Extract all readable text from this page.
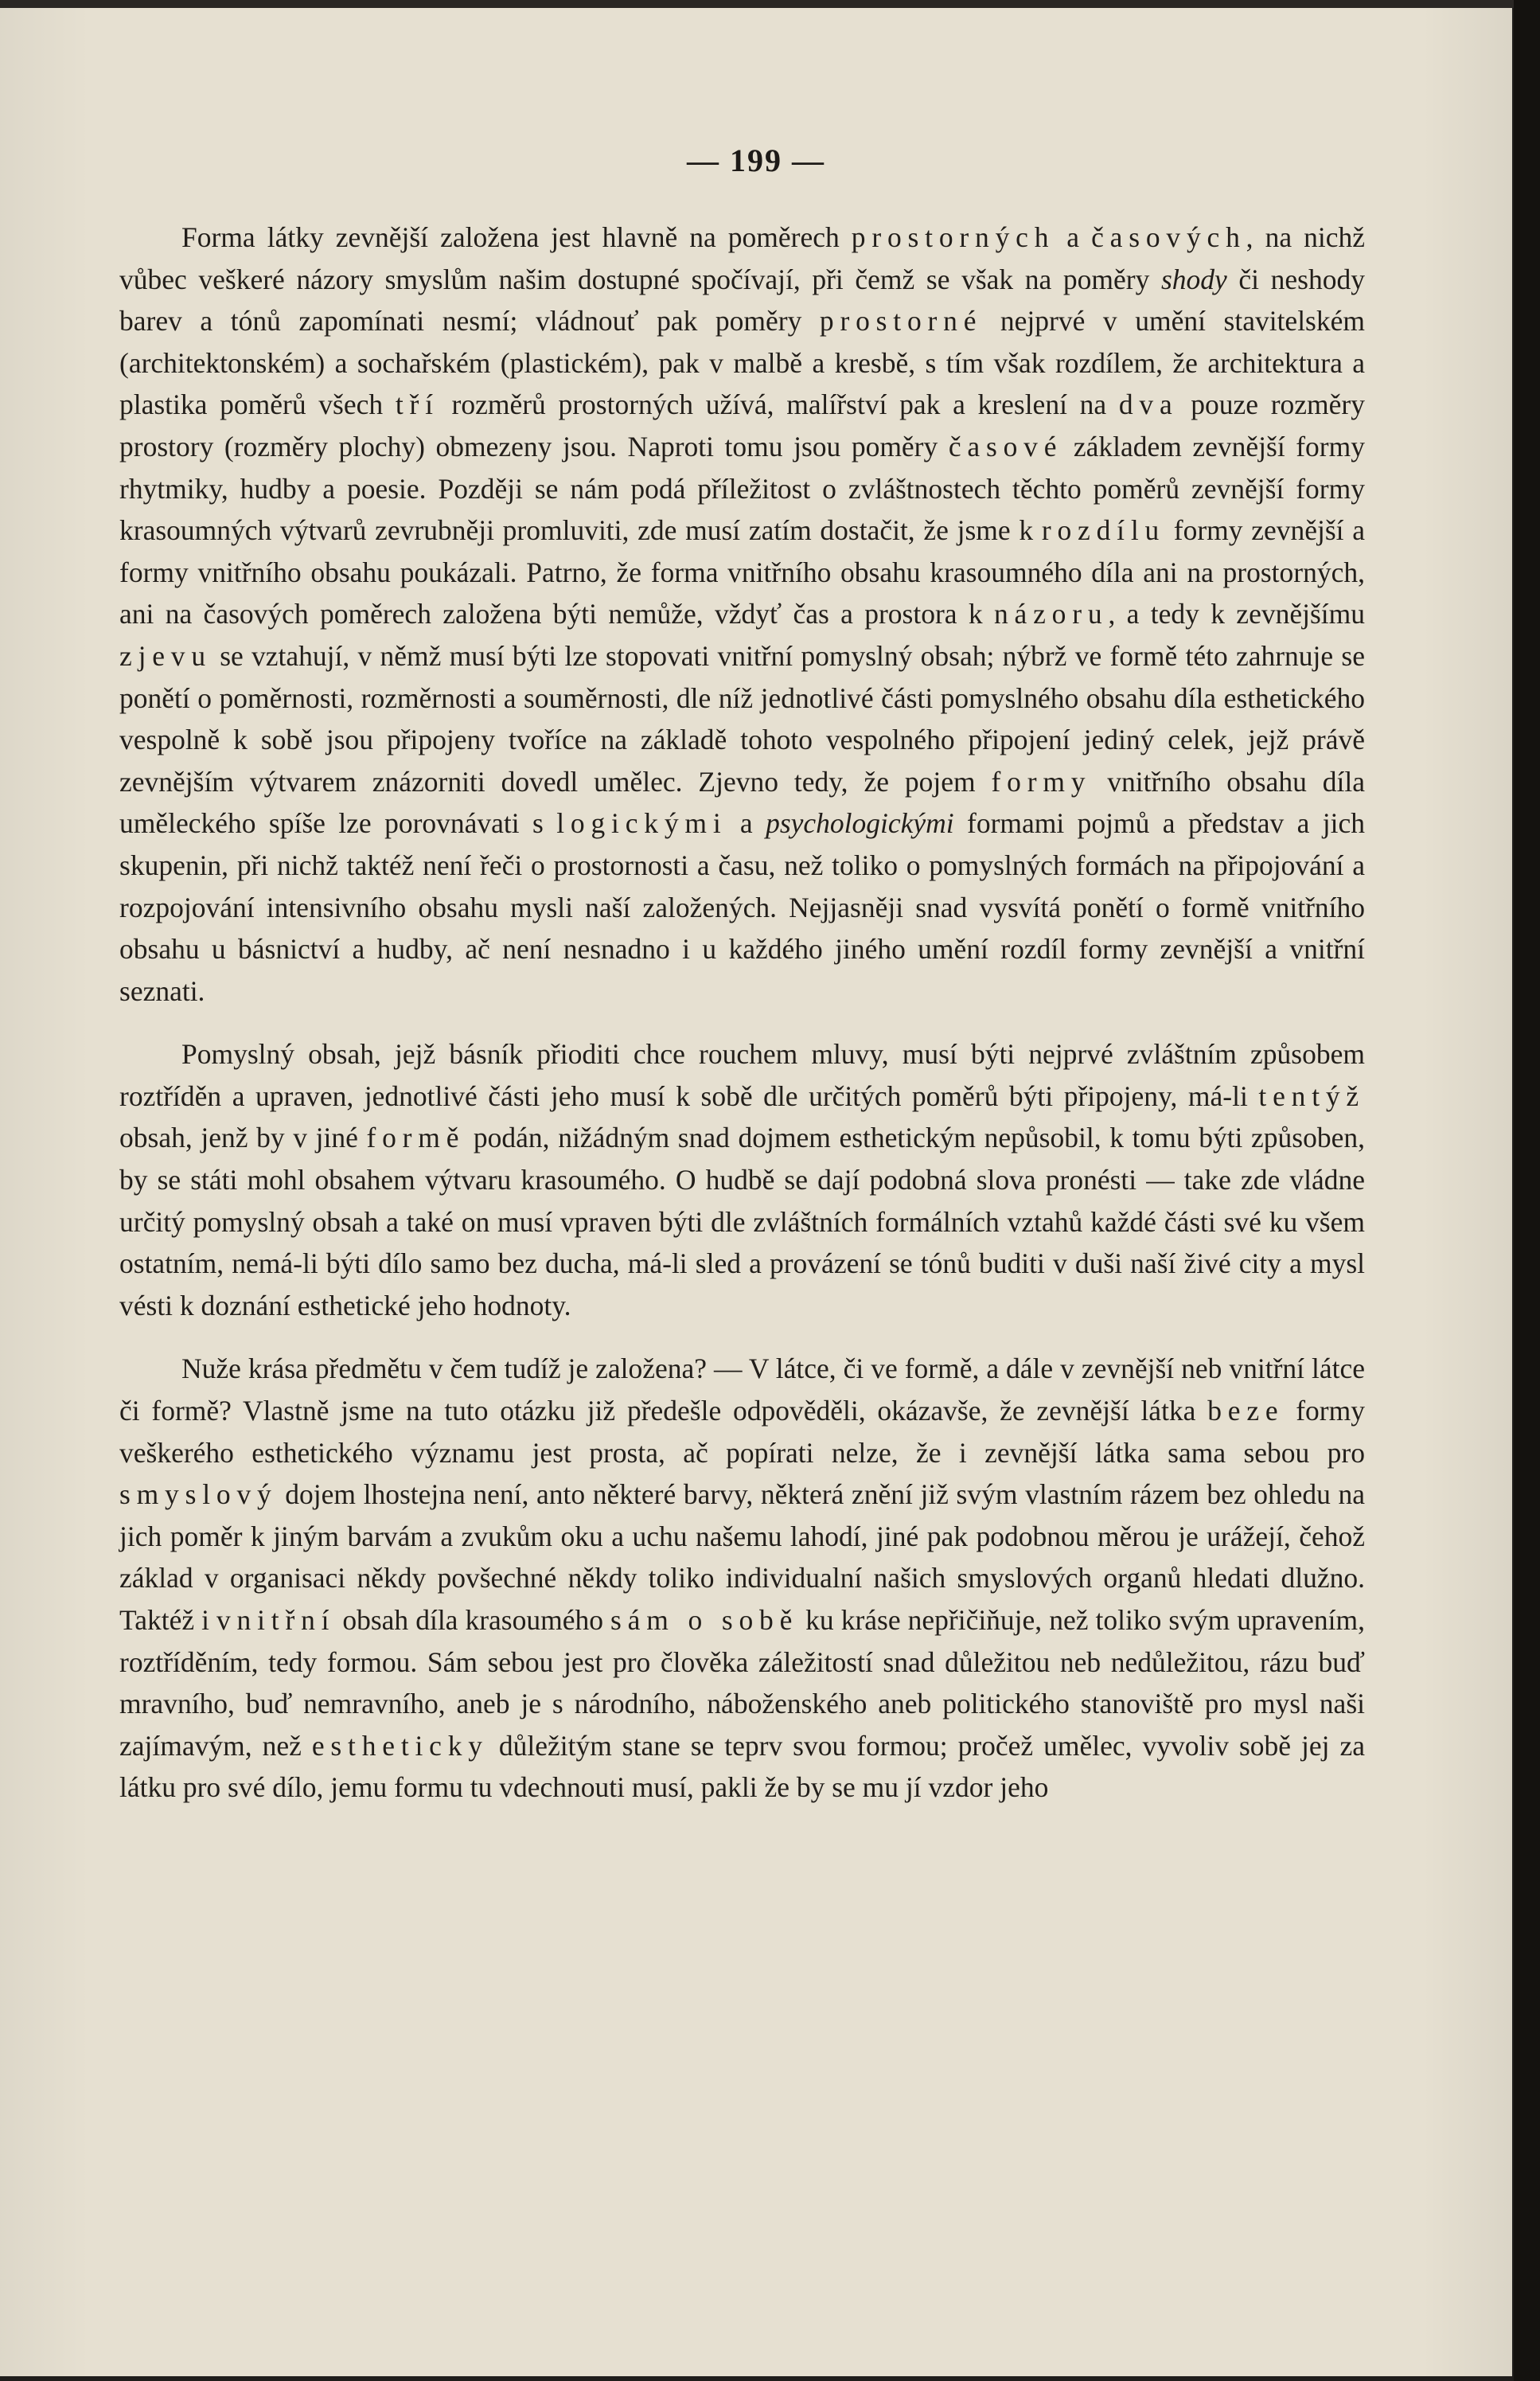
— 199 —

Forma látky zevnější založena jest hlavně na poměrech prostorných a časových, na nichž vůbec veškeré názory smyslům našim dostupné spočívají, při čemž se však na poměry shody či neshody barev a tónů zapomínati nesmí; vládnouť pak poměry prostorné nejprvé v umění stavitelském (architektonském) a sochařském (plastickém), pak v malbě a kresbě, s tím však rozdílem, že architektura a plastika poměrů všech tří rozměrů prostorných užívá, malířství pak a kreslení na dva pouze rozměry prostory (rozměry plochy) obmezeny jsou. Naproti tomu jsou poměry časové základem zevnější formy rhytmiky, hudby a poesie. Později se nám podá příležitost o zvláštnostech těchto poměrů zevnější formy krasoumných výtvarů zevrubněji promluviti, zde musí zatím dostačit, že jsme k rozdílu formy zevnější a formy vnitřního obsahu poukázali. Patrno, že forma vnitřního obsahu krasoumného díla ani na prostorných, ani na časových poměrech založena býti nemůže, vždyť čas a prostora k názoru, a tedy k zevnějšímu zjevu se vztahují, v němž musí býti lze stopovati vnitřní pomyslný obsah; nýbrž ve formě této zahrnuje se ponětí o poměrnosti, rozměrnosti a souměrnosti, dle níž jednotlivé části pomyslného obsahu díla esthetického vespolně k sobě jsou připojeny tvoříce na základě tohoto vespolného připojení jediný celek, jejž právě zevnějším výtvarem znázorniti dovedl umělec. Zjevno tedy, že pojem formy vnitřního obsahu díla uměleckého spíše lze porovnávati s logickými a psychologickými formami pojmů a představ a jich skupenin, při nichž taktéž není řeči o prostornosti a času, než toliko o pomyslných formách na připojování a rozpojování intensivního obsahu mysli naší založených. Nejjasněji snad vysvítá ponětí o formě vnitřního obsahu u básnictví a hudby, ač není nesnadno i u každého jiného umění rozdíl formy zevnější a vnitřní seznati.

Pomyslný obsah, jejž básník přioditi chce rouchem mluvy, musí býti nejprvé zvláštním způsobem roztříděn a upraven, jednotlivé části jeho musí k sobě dle určitých poměrů býti připojeny, má-li tentýž obsah, jenž by v jiné formě podán, nižádným snad dojmem esthetickým nepůsobil, k tomu býti způsoben, by se státi mohl obsahem výtvaru krasoumého. O hudbě se dají podobná slova pronésti — take zde vládne určitý pomyslný obsah a také on musí vpraven býti dle zvláštních formálních vztahů každé části své ku všem ostatním, nemá-li býti dílo samo bez ducha, má-li sled a provázení se tónů buditi v duši naší živé city a mysl vésti k doznání esthetické jeho hodnoty.

Nuže krása předmětu v čem tudíž je založena? — V látce, či ve formě, a dále v zevnější neb vnitřní látce či formě? Vlastně jsme na tuto otázku již předešle odpověděli, okázavše, že zevnější látka beze formy veškerého esthetického významu jest prosta, ač popírati nelze, že i zevnější látka sama sebou pro smyslový dojem lhostejna není, anto některé barvy, některá znění již svým vlastním rázem bez ohledu na jich poměr k jiným barvám a zvukům oku a uchu našemu lahodí, jiné pak podobnou měrou je urážejí, čehož základ v organisaci někdy povšechné někdy toliko individualní našich smyslových organů hledati dlužno. Taktéž i vnitřní obsah díla krasoumého sám o sobě ku kráse nepřičiňuje, než toliko svým upravením, roztříděním, tedy formou. Sám sebou jest pro člověka záležitostí snad důležitou neb nedůležitou, rázu buď mravního, buď nemravního, aneb je s národního, náboženského aneb politického stanoviště pro mysl naši zajímavým, než estheticky důležitým stane se teprv svou formou; pročež umělec, vyvoliv sobě jej za látku pro své dílo, jemu formu tu vdechnouti musí, pakli že by se mu jí vzdor jeho
